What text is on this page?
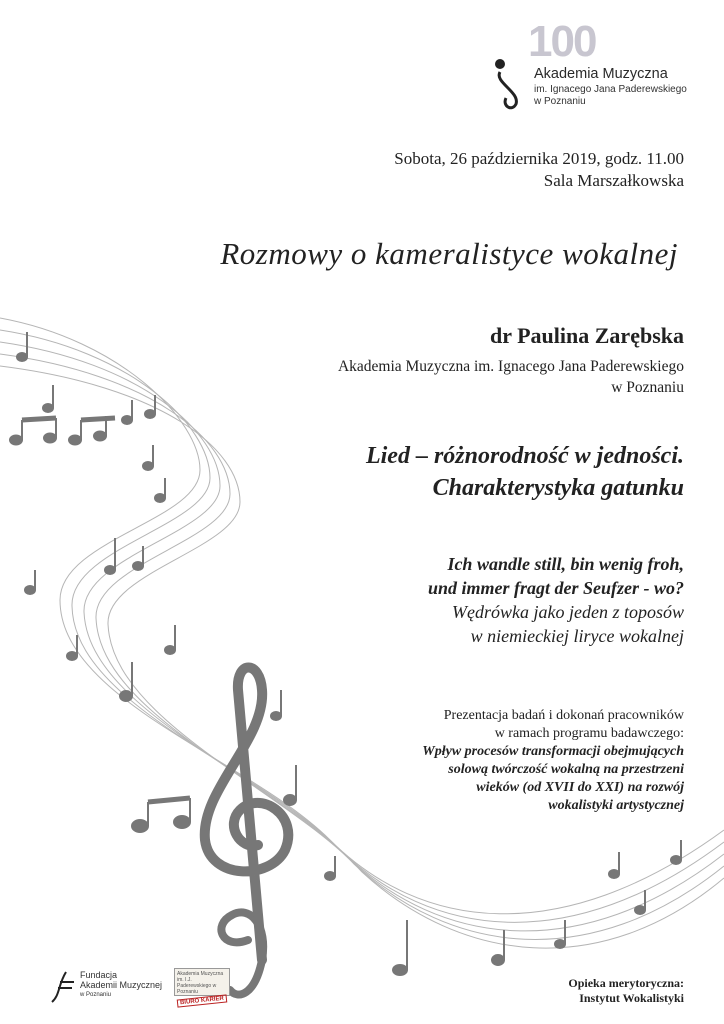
100
Akademia Muzyczna
im. Ignacego Jana Paderewskiego
w Poznaniu
Sobota, 26 października 2019, godz. 11.00
Sala Marszałkowska
Rozmowy o kameralistyce wokalnej
dr Paulina Zarębska
Akademia Muzyczna im. Ignacego Jana Paderewskiego
w Poznaniu
Lied – różnorodność w jedności.
Charakterystyka gatunku
Ich wandle still, bin wenig froh,
und immer fragt der Seufzer - wo?
Wędrówka jako jeden z toposów
w niemieckiej liryce wokalnej
Prezentacja badań i dokonań pracowników
w ramach programu badawczego:
Wpływ procesów transformacji obejmujących
solową twórczość wokalną na przestrzeni
wieków (od XVII do XXI) na rozwój
wokalistyki artystycznej
Fundacja
Akademii Muzycznej
w Poznaniu
Akademia Muzyczna im. I.J. Paderewskiego w Poznaniu
BIURO KARIER
Opieka merytoryczna:
Instytut Wokalistyki
